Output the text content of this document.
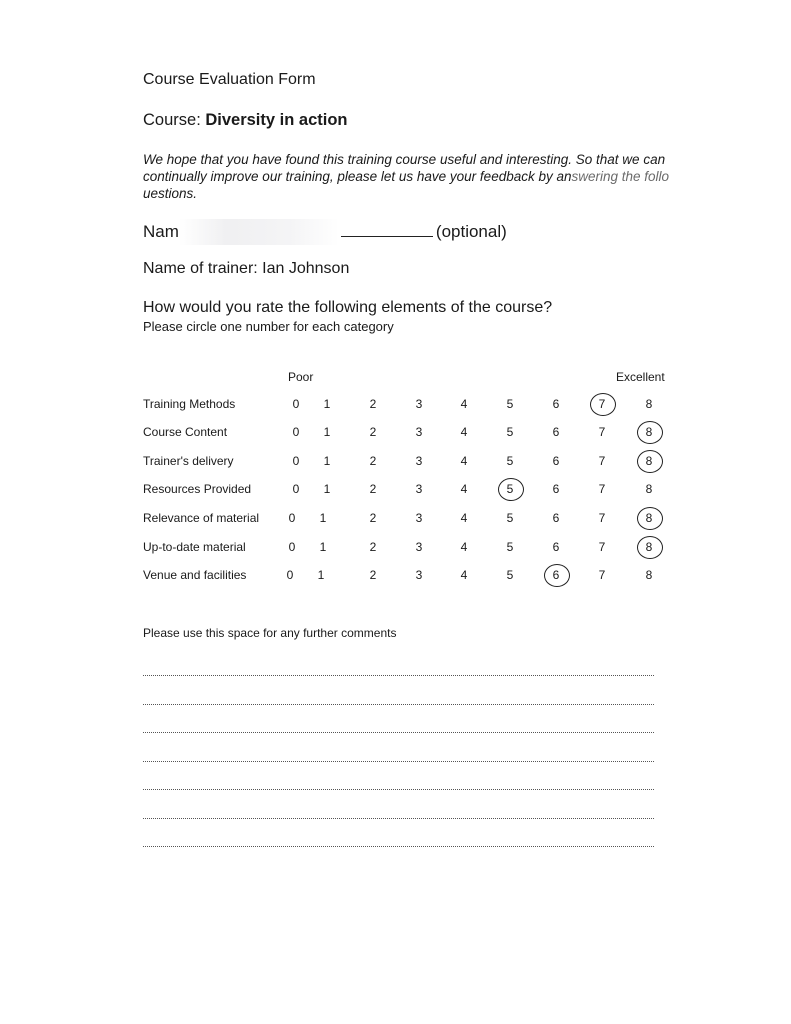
Course Evaluation Form
Course: Diversity in action
We hope that you have found this training course useful and interesting. So that we can continually improve our training, please let us have your feedback by answering the follo uestions.
Nam	(optional)
Name of trainer: Ian Johnson
How would you rate the following elements of the course?
Please circle one number for each category
Poor	Excellent
Training Methods	0	1	2	3	4	5	6	7	8
Course Content	0	1	2	3	4	5	6	7	8
Trainer's delivery	0	1	2	3	4	5	6	7	8
Resources Provided	0	1	2	3	4	5	6	7	8
Relevance of material	0	1	2	3	4	5	6	7	8
Up-to-date material	0	1	2	3	4	5	6	7	8
Venue and facilities	0	1	2	3	4	5	6	7	8
Please use this space for any further comments
